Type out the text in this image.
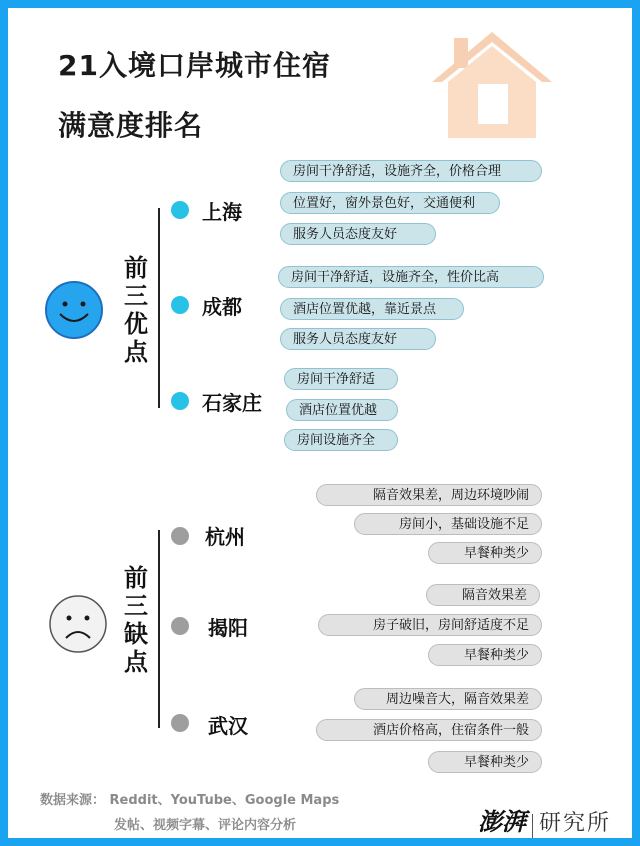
21入境口岸城市住宿
满意度排名
前三优点
前三缺点
上海
房间干净舒适，设施齐全，价格合理
位置好，窗外景色好，交通便利
服务人员态度友好
成都
房间干净舒适，设施齐全，性价比高
酒店位置优越，靠近景点
服务人员态度友好
石家庄
房间干净舒适
酒店位置优越
房间设施齐全
杭州
隔音效果差，周边环境吵闹
房间小，基础设施不足
早餐种类少
揭阳
隔音效果差
房子破旧，房间舒适度不足
早餐种类少
武汉
周边噪音大，隔音效果差
酒店价格高，住宿条件一般
早餐种类少
数据来源： Reddit、YouTube、Google Maps
发帖、视频字幕、评论内容分析	澎湃 研究所
